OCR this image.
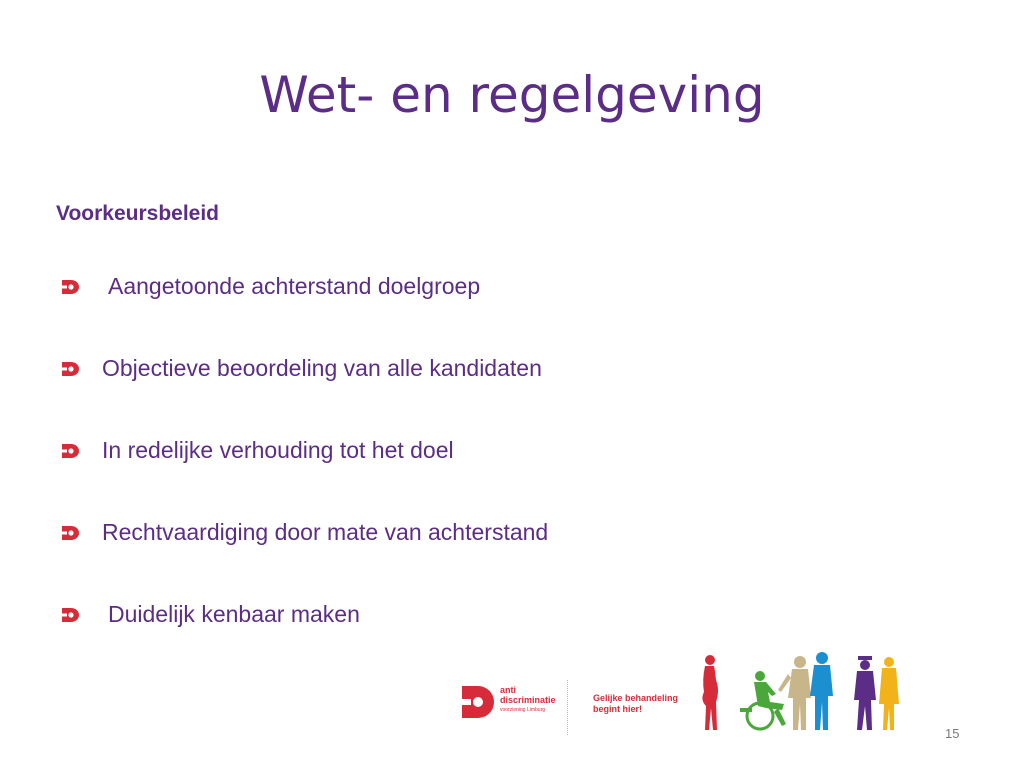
Wet- en regelgeving
Voorkeursbeleid
Aangetoonde achterstand doelgroep
Objectieve beoordeling van alle kandidaten
In redelijke verhouding tot het doel
Rechtvaardiging door mate van achterstand
Duidelijk kenbaar maken
anti
discriminatie
voorziening Limburg
Gelijke behandeling
begint hier!
15
